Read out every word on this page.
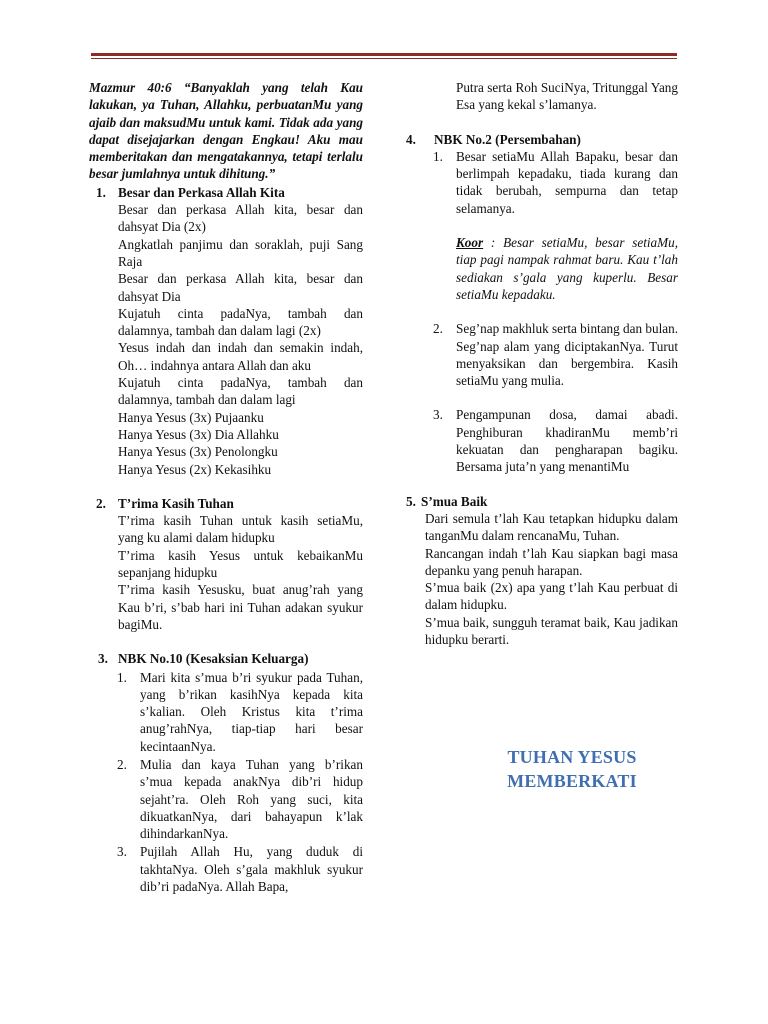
Mazmur 40:6 “Banyaklah yang telah Kau lakukan, ya Tuhan, Allahku, perbuatanMu yang ajaib dan maksudMu untuk kami. Tidak ada yang dapat disejajarkan dengan Engkau! Aku mau memberitakan dan mengatakannya, tetapi terlalu besar jumlahnya untuk dihitung.”
1. Besar dan Perkasa Allah Kita
Besar dan perkasa Allah kita, besar dan dahsyat Dia (2x)
Angkatlah panjimu dan soraklah, puji Sang Raja
Besar dan perkasa Allah kita, besar dan dahsyat Dia
Kujatuh cinta padaNya, tambah dan dalamnya, tambah dan dalam lagi (2x)
Yesus indah dan indah dan semakin indah, Oh… indahnya antara Allah dan aku
Kujatuh cinta padaNya, tambah dan dalamnya, tambah dan dalam lagi
Hanya Yesus (3x) Pujaanku
Hanya Yesus (3x) Dia Allahku
Hanya Yesus (3x) Penolongku
Hanya Yesus (2x) Kekasihku
2. T’rima Kasih Tuhan
T’rima kasih Tuhan untuk kasih setiaMu, yang ku alami dalam hidupku
T’rima kasih Yesus untuk kebaikanMu sepanjang hidupku
T’rima kasih Yesusku, buat anug’rah yang Kau b’ri, s’bab hari ini Tuhan adakan syukur bagiMu.
3. NBK No.10 (Kesaksian Keluarga)
1. Mari kita s’mua b’ri syukur pada Tuhan, yang b’rikan kasihNya kepada kita s’kalian. Oleh Kristus kita t’rima anug’rahNya, tiap-tiap hari besar kecintaanNya.
2. Mulia dan kaya Tuhan yang b’rikan s’mua kepada anakNya dib’ri hidup sejaht’ra. Oleh Roh yang suci, kita dikuatkanNya, dari bahayapun k’lak dihindarkanNya.
3. Pujilah Allah Hu, yang duduk di takhtaNya. Oleh s’gala makhluk syukur dib’ri padaNya. Allah Bapa,
Putra serta Roh SuciNya, Tritunggal Yang Esa yang kekal s’lamanya.
4. NBK No.2 (Persembahan)
1. Besar setiaMu Allah Bapaku, besar dan berlimpah kepadaku, tiada kurang dan tidak berubah, sempurna dan tetap selamanya.
Koor : Besar setiaMu, besar setiaMu, tiap pagi nampak rahmat baru. Kau t’lah sediakan s’gala yang kuperlu. Besar setiaMu kepadaku.
2. Seg’nap makhluk serta bintang dan bulan. Seg’nap alam yang diciptakanNya. Turut menyaksikan dan bergembira. Kasih setiaMu yang mulia.
3. Pengampunan dosa, damai abadi. Penghiburan khadiranMu memb’ri kekuatan dan pengharapan bagiku. Bersama juta’n yang menantiMu
5. S’mua Baik
Dari semula t’lah Kau tetapkan hidupku dalam tanganMu dalam rencanaMu, Tuhan.
Rancangan indah t’lah Kau siapkan bagi masa depanku yang penuh harapan.
S’mua baik (2x) apa yang t’lah Kau perbuat di dalam hidupku.
S’mua baik, sungguh teramat baik, Kau jadikan hidupku berarti.
TUHAN YESUS
MEMBERKATI
